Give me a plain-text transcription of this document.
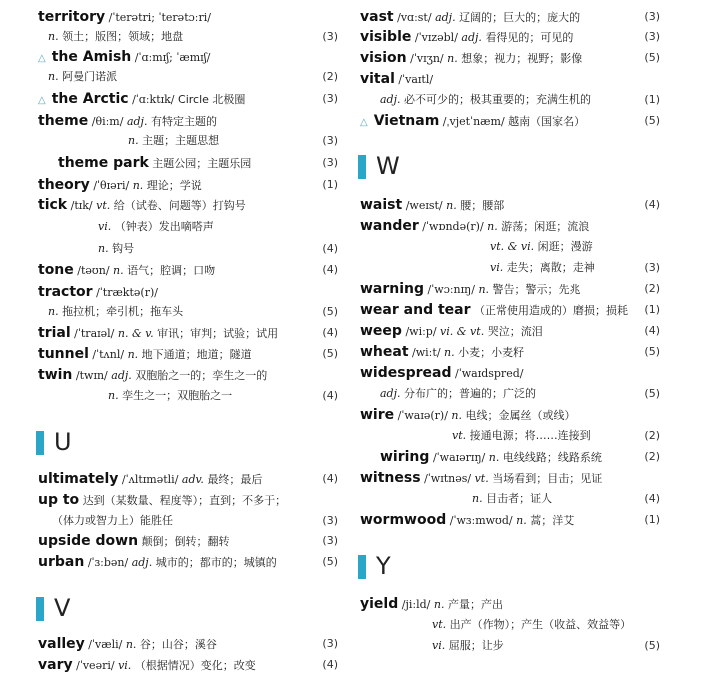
territory /ˈterətri; ˈterətɔːri/
n. 领土；版图；领域；地盘	(3)
△ the Amish /ˈɑːmɪʃ; ˈæmɪʃ/
n. 阿曼门诺派	(2)
△ the Arctic /ˈɑːktɪk/ Circle 北极圈	(3)
theme /θiːm/ adj. 有特定主题的
n. 主题；主题思想	(3)
theme park 主题公园；主题乐园	(3)
theory /ˈθɪəri/ n. 理论；学说	(1)
tick /tɪk/ vt. 给（试卷、问题等）打钩号
vi. （钟表）发出嘀嗒声
n. 钩号	(4)
tone /təʊn/ n. 语气；腔调；口吻	(4)
tractor /ˈtræktə(r)/
n. 拖拉机；牵引机；拖车头	(5)
trial /ˈtraɪəl/ n. & v. 审讯；审判；试验；试用	(4)
tunnel /ˈtʌnl/ n. 地下通道；地道；隧道	(5)
twin /twɪn/ adj. 双胞胎之一的；孪生之一的
n. 孪生之一；双胞胎之一	(4)
ultimately /ˈʌltɪmətli/ adv. 最终；最后	(4)
up to 达到（某数量、程度等）；直到；不多于；
（体力或智力上）能胜任	(3)
upside down 颠倒；倒转；翻转	(3)
urban /ˈɜːbən/ adj. 城市的；都市的；城镇的	(5)
valley /ˈvæli/ n. 谷；山谷；溪谷	(3)
vary /ˈveəri/ vi. （根据情况）变化；改变	(4)
U
V
vast /vɑːst/ adj. 辽阔的；巨大的；庞大的	(3)
visible /ˈvɪzəbl/ adj. 看得见的；可见的	(3)
vision /ˈvɪʒn/ n. 想象；视力；视野；影像	(5)
vital /ˈvaɪtl/
adj. 必不可少的；极其重要的；充满生机的	(1)
△ Vietnam /ˌvjetˈnæm/ 越南（国家名）	(5)
waist /weɪst/ n. 腰；腰部	(4)
wander /ˈwɒndə(r)/ n. 游荡；闲逛；流浪
vt. & vi. 闲逛；漫游
vi. 走失；离散；走神	(3)
warning /ˈwɔːnɪŋ/ n. 警告；警示；先兆	(2)
wear and tear （正常使用造成的）磨损；损耗 (1)
weep /wiːp/ vi. & vt. 哭泣；流泪	(4)
wheat /wiːt/ n. 小麦；小麦籽	(5)
widespread /ˈwaɪdspred/
adj. 分布广的；普遍的；广泛的	(5)
wire /ˈwaɪə(r)/ n. 电线；金属丝（或线）
vt. 接通电源；将……连接到	(2)
wiring /ˈwaɪərɪŋ/ n. 电线线路；线路系统	(2)
witness /ˈwɪtnəs/ vt. 当场看到；目击；见证
n. 目击者；证人	(4)
wormwood /ˈwɜːmwʊd/ n. 蒿；洋艾	(1)
yield /jiːld/ n. 产量；产出
vt. 出产（作物）；产生（收益、效益等）
vi. 屈服；让步	(5)
W
Y
